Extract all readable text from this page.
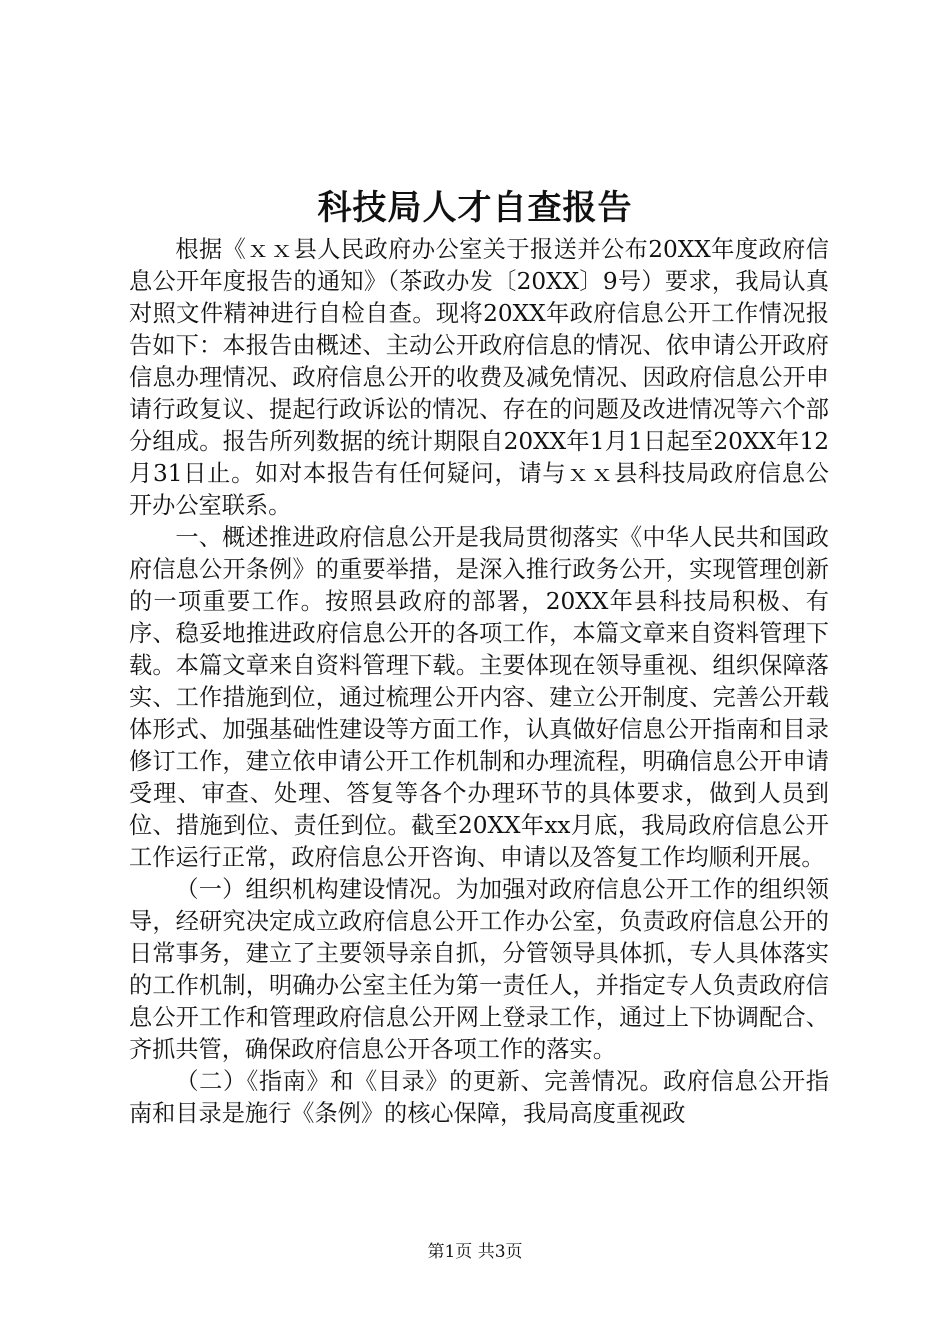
科技局人才自查报告

根据《ｘｘ县人民政府办公室关于报送并公布20XX年度政府信息公开年度报告的通知》（茶政办发〔20XX〕9号）要求，我局认真对照文件精神进行自检自查。现将20XX年政府信息公开工作情况报告如下：本报告由概述、主动公开政府信息的情况、依申请公开政府信息办理情况、政府信息公开的收费及减免情况、因政府信息公开申请行政复议、提起行政诉讼的情况、存在的问题及改进情况等六个部分组成。报告所列数据的统计期限自20XX年1月1日起至20XX年12月31日止。如对本报告有任何疑问，请与ｘｘ县科技局政府信息公开办公室联系。

一、概述推进政府信息公开是我局贯彻落实《中华人民共和国政府信息公开条例》的重要举措，是深入推行政务公开，实现管理创新的一项重要工作。按照县政府的部署，20XX年县科技局积极、有序、稳妥地推进政府信息公开的各项工作，本篇文章来自资料管理下载。本篇文章来自资料管理下载。主要体现在领导重视、组织保障落实、工作措施到位，通过梳理公开内容、建立公开制度、完善公开载体形式、加强基础性建设等方面工作，认真做好信息公开指南和目录修订工作，建立依申请公开工作机制和办理流程，明确信息公开申请受理、审查、处理、答复等各个办理环节的具体要求，做到人员到位、措施到位、责任到位。截至20XX年xx月底，我局政府信息公开工作运行正常，政府信息公开咨询、申请以及答复工作均顺利开展。

（一）组织机构建设情况。为加强对政府信息公开工作的组织领导，经研究决定成立政府信息公开工作办公室，负责政府信息公开的日常事务，建立了主要领导亲自抓，分管领导具体抓，专人具体落实的工作机制，明确办公室主任为第一责任人，并指定专人负责政府信息公开工作和管理政府信息公开网上登录工作，通过上下协调配合、齐抓共管，确保政府信息公开各项工作的落实。

（二）《指南》和《目录》的更新、完善情况。政府信息公开指南和目录是施行《条例》的核心保障，我局高度重视政

第1页 共3页
